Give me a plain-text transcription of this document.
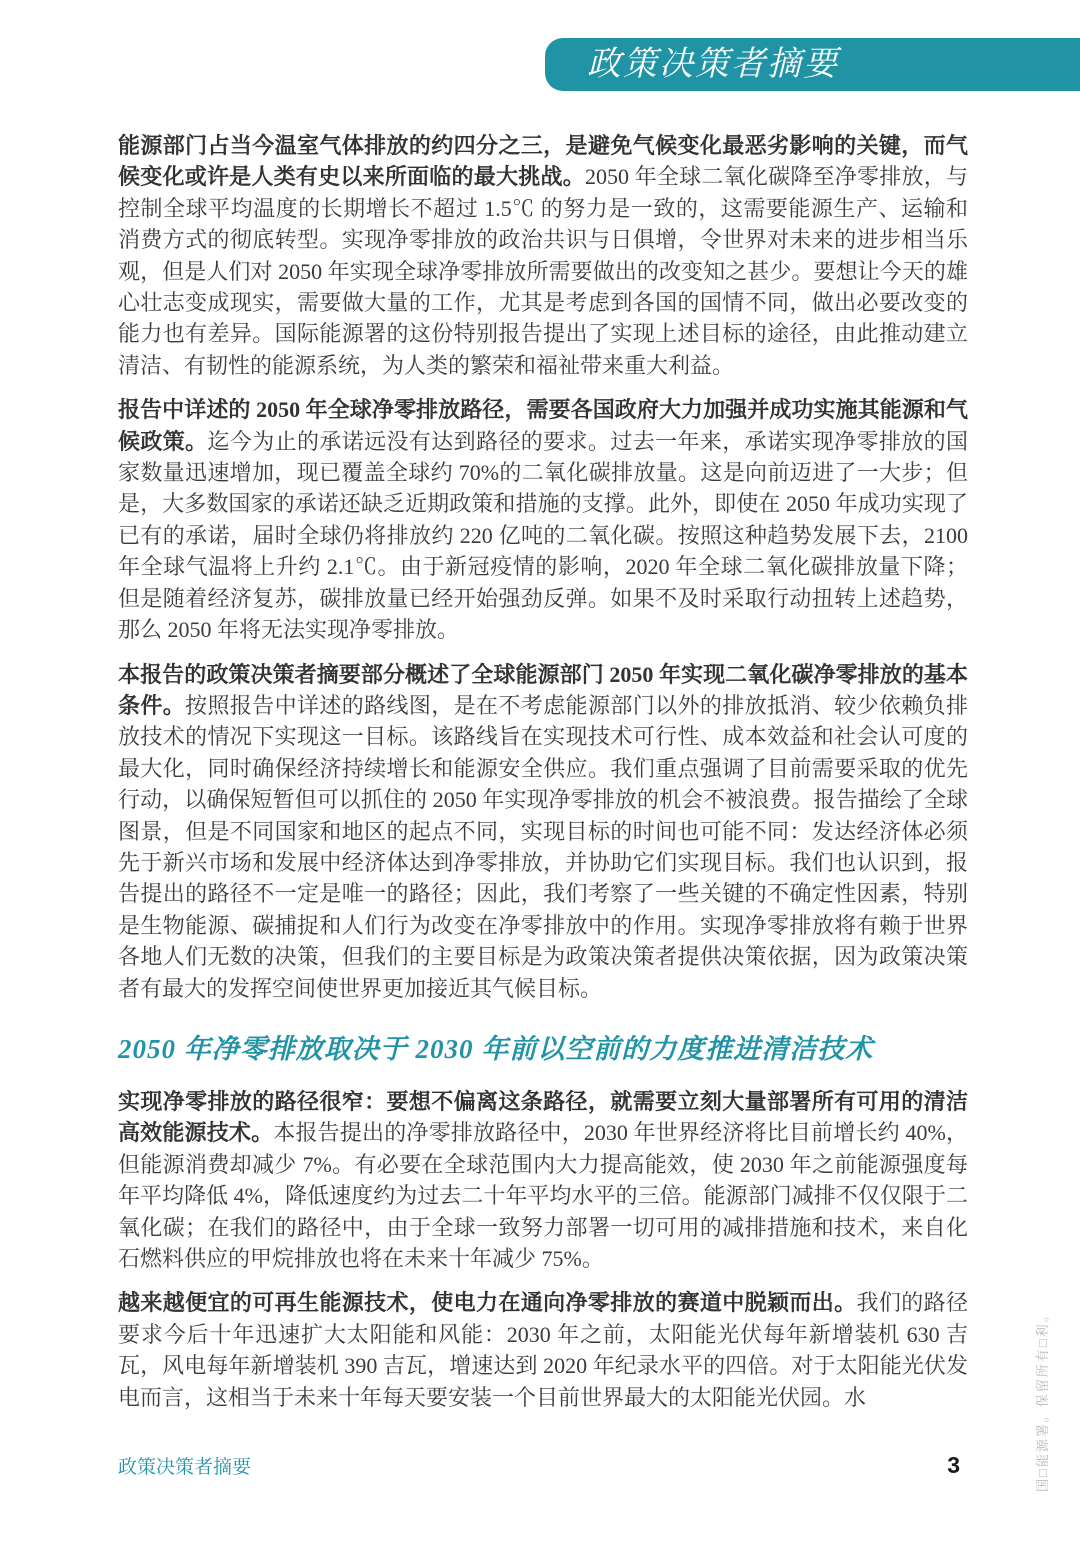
政策决策者摘要

能源部门占当今温室气体排放的约四分之三，是避免气候变化最恶劣影响的关键，而气候变化或许是人类有史以来所面临的最大挑战。2050 年全球二氧化碳降至净零排放，与控制全球平均温度的长期增长不超过 1.5℃ 的努力是一致的，这需要能源生产、运输和消费方式的彻底转型。实现净零排放的政治共识与日俱增，令世界对未来的进步相当乐观，但是人们对 2050 年实现全球净零排放所需要做出的改变知之甚少。要想让今天的雄心壮志变成现实，需要做大量的工作，尤其是考虑到各国的国情不同，做出必要改变的能力也有差异。国际能源署的这份特别报告提出了实现上述目标的途径，由此推动建立清洁、有韧性的能源系统，为人类的繁荣和福祉带来重大利益。

报告中详述的 2050 年全球净零排放路径，需要各国政府大力加强并成功实施其能源和气候政策。迄今为止的承诺远没有达到路径的要求。过去一年来，承诺实现净零排放的国家数量迅速增加，现已覆盖全球约 70%的二氧化碳排放量。这是向前迈进了一大步；但是，大多数国家的承诺还缺乏近期政策和措施的支撑。此外，即使在 2050 年成功实现了已有的承诺，届时全球仍将排放约 220 亿吨的二氧化碳。按照这种趋势发展下去，2100 年全球气温将上升约 2.1℃。由于新冠疫情的影响，2020 年全球二氧化碳排放量下降；但是随着经济复苏，碳排放量已经开始强劲反弹。如果不及时采取行动扭转上述趋势，那么 2050 年将无法实现净零排放。

本报告的政策决策者摘要部分概述了全球能源部门 2050 年实现二氧化碳净零排放的基本条件。按照报告中详述的路线图，是在不考虑能源部门以外的排放抵消、较少依赖负排放技术的情况下实现这一目标。该路线旨在实现技术可行性、成本效益和社会认可度的最大化，同时确保经济持续增长和能源安全供应。我们重点强调了目前需要采取的优先行动，以确保短暂但可以抓住的 2050 年实现净零排放的机会不被浪费。报告描绘了全球图景，但是不同国家和地区的起点不同，实现目标的时间也可能不同：发达经济体必须先于新兴市场和发展中经济体达到净零排放，并协助它们实现目标。我们也认识到，报告提出的路径不一定是唯一的路径；因此，我们考察了一些关键的不确定性因素，特别是生物能源、碳捕捉和人们行为改变在净零排放中的作用。实现净零排放将有赖于世界各地人们无数的决策，但我们的主要目标是为政策决策者提供决策依据，因为政策决策者有最大的发挥空间使世界更加接近其气候目标。

2050 年净零排放取决于 2030 年前以空前的力度推进清洁技术

实现净零排放的路径很窄：要想不偏离这条路径，就需要立刻大量部署所有可用的清洁高效能源技术。本报告提出的净零排放路径中，2030 年世界经济将比目前增长约 40%，但能源消费却减少 7%。有必要在全球范围内大力提高能效，使 2030 年之前能源强度每年平均降低 4%，降低速度约为过去二十年平均水平的三倍。能源部门减排不仅仅限于二氧化碳；在我们的路径中，由于全球一致努力部署一切可用的减排措施和技术，来自化石燃料供应的甲烷排放也将在未来十年减少 75%。

越来越便宜的可再生能源技术，使电力在通向净零排放的赛道中脱颖而出。我们的路径要求今后十年迅速扩大太阳能和风能：2030 年之前，太阳能光伏每年新增装机 630 吉瓦，风电每年新增装机 390 吉瓦，增速达到 2020 年纪录水平的四倍。对于太阳能光伏发电而言，这相当于未来十年每天要安装一个目前世界最大的太阳能光伏园。水

政策决策者摘要	3	国□能源署。保留所有□利。
